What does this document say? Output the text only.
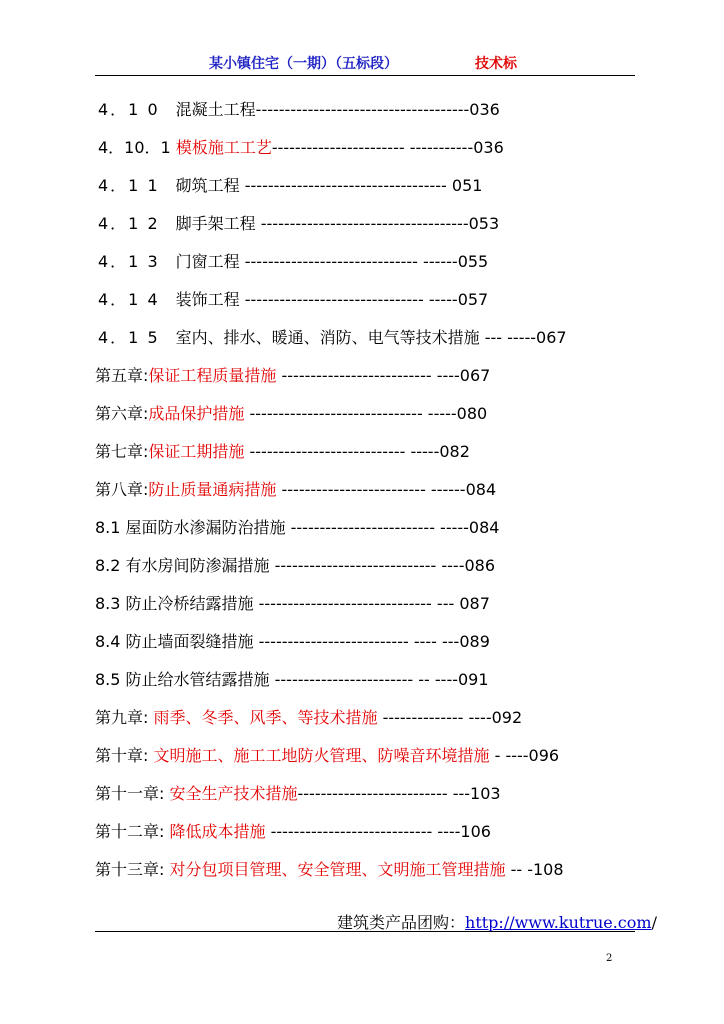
某小镇住宅（一期）（五标段）	技术标
4．1 0　 混凝土工程-------------------------------------036
4．10．1 模板施工工艺----------------------- -----------036
4．1 1　 砌筑工程 ----------------------------------- 051
4．1 2　 脚手架工程 ------------------------------------053
4．1 3　 门窗工程 ------------------------------ ------055
4．1 4　 装饰工程 ------------------------------- -----057
4．1 5　 室内、排水、暖通、消防、电气等技术措施 --- -----067
第五章:保证工程质量措施 -------------------------- ----067
第六章:成品保护措施 ------------------------------ -----080
第七章:保证工期措施 --------------------------- -----082
第八章:防止质量通病措施 ------------------------- ------084
8.1 屋面防水渗漏防治措施 ------------------------- -----084
8.2 有水房间防渗漏措施 ---------------------------- ----086
8.3 防止冷桥结露措施 ------------------------------ --- 087
8.4 防止墙面裂缝措施 -------------------------- ---- ---089
8.5 防止给水管结露措施 ------------------------ -- ----091
第九章: 雨季、冬季、风季、等技术措施 -------------- ----092
第十章: 文明施工、施工工地防火管理、防噪音环境措施 - ----096
第十一章: 安全生产技术措施-------------------------- ---103
第十二章: 降低成本措施 ---------------------------- ----106
第十三章: 对分包项目管理、安全管理、文明施工管理措施 -- -108
建筑类产品团购：http://www.kutrue.com/
2
